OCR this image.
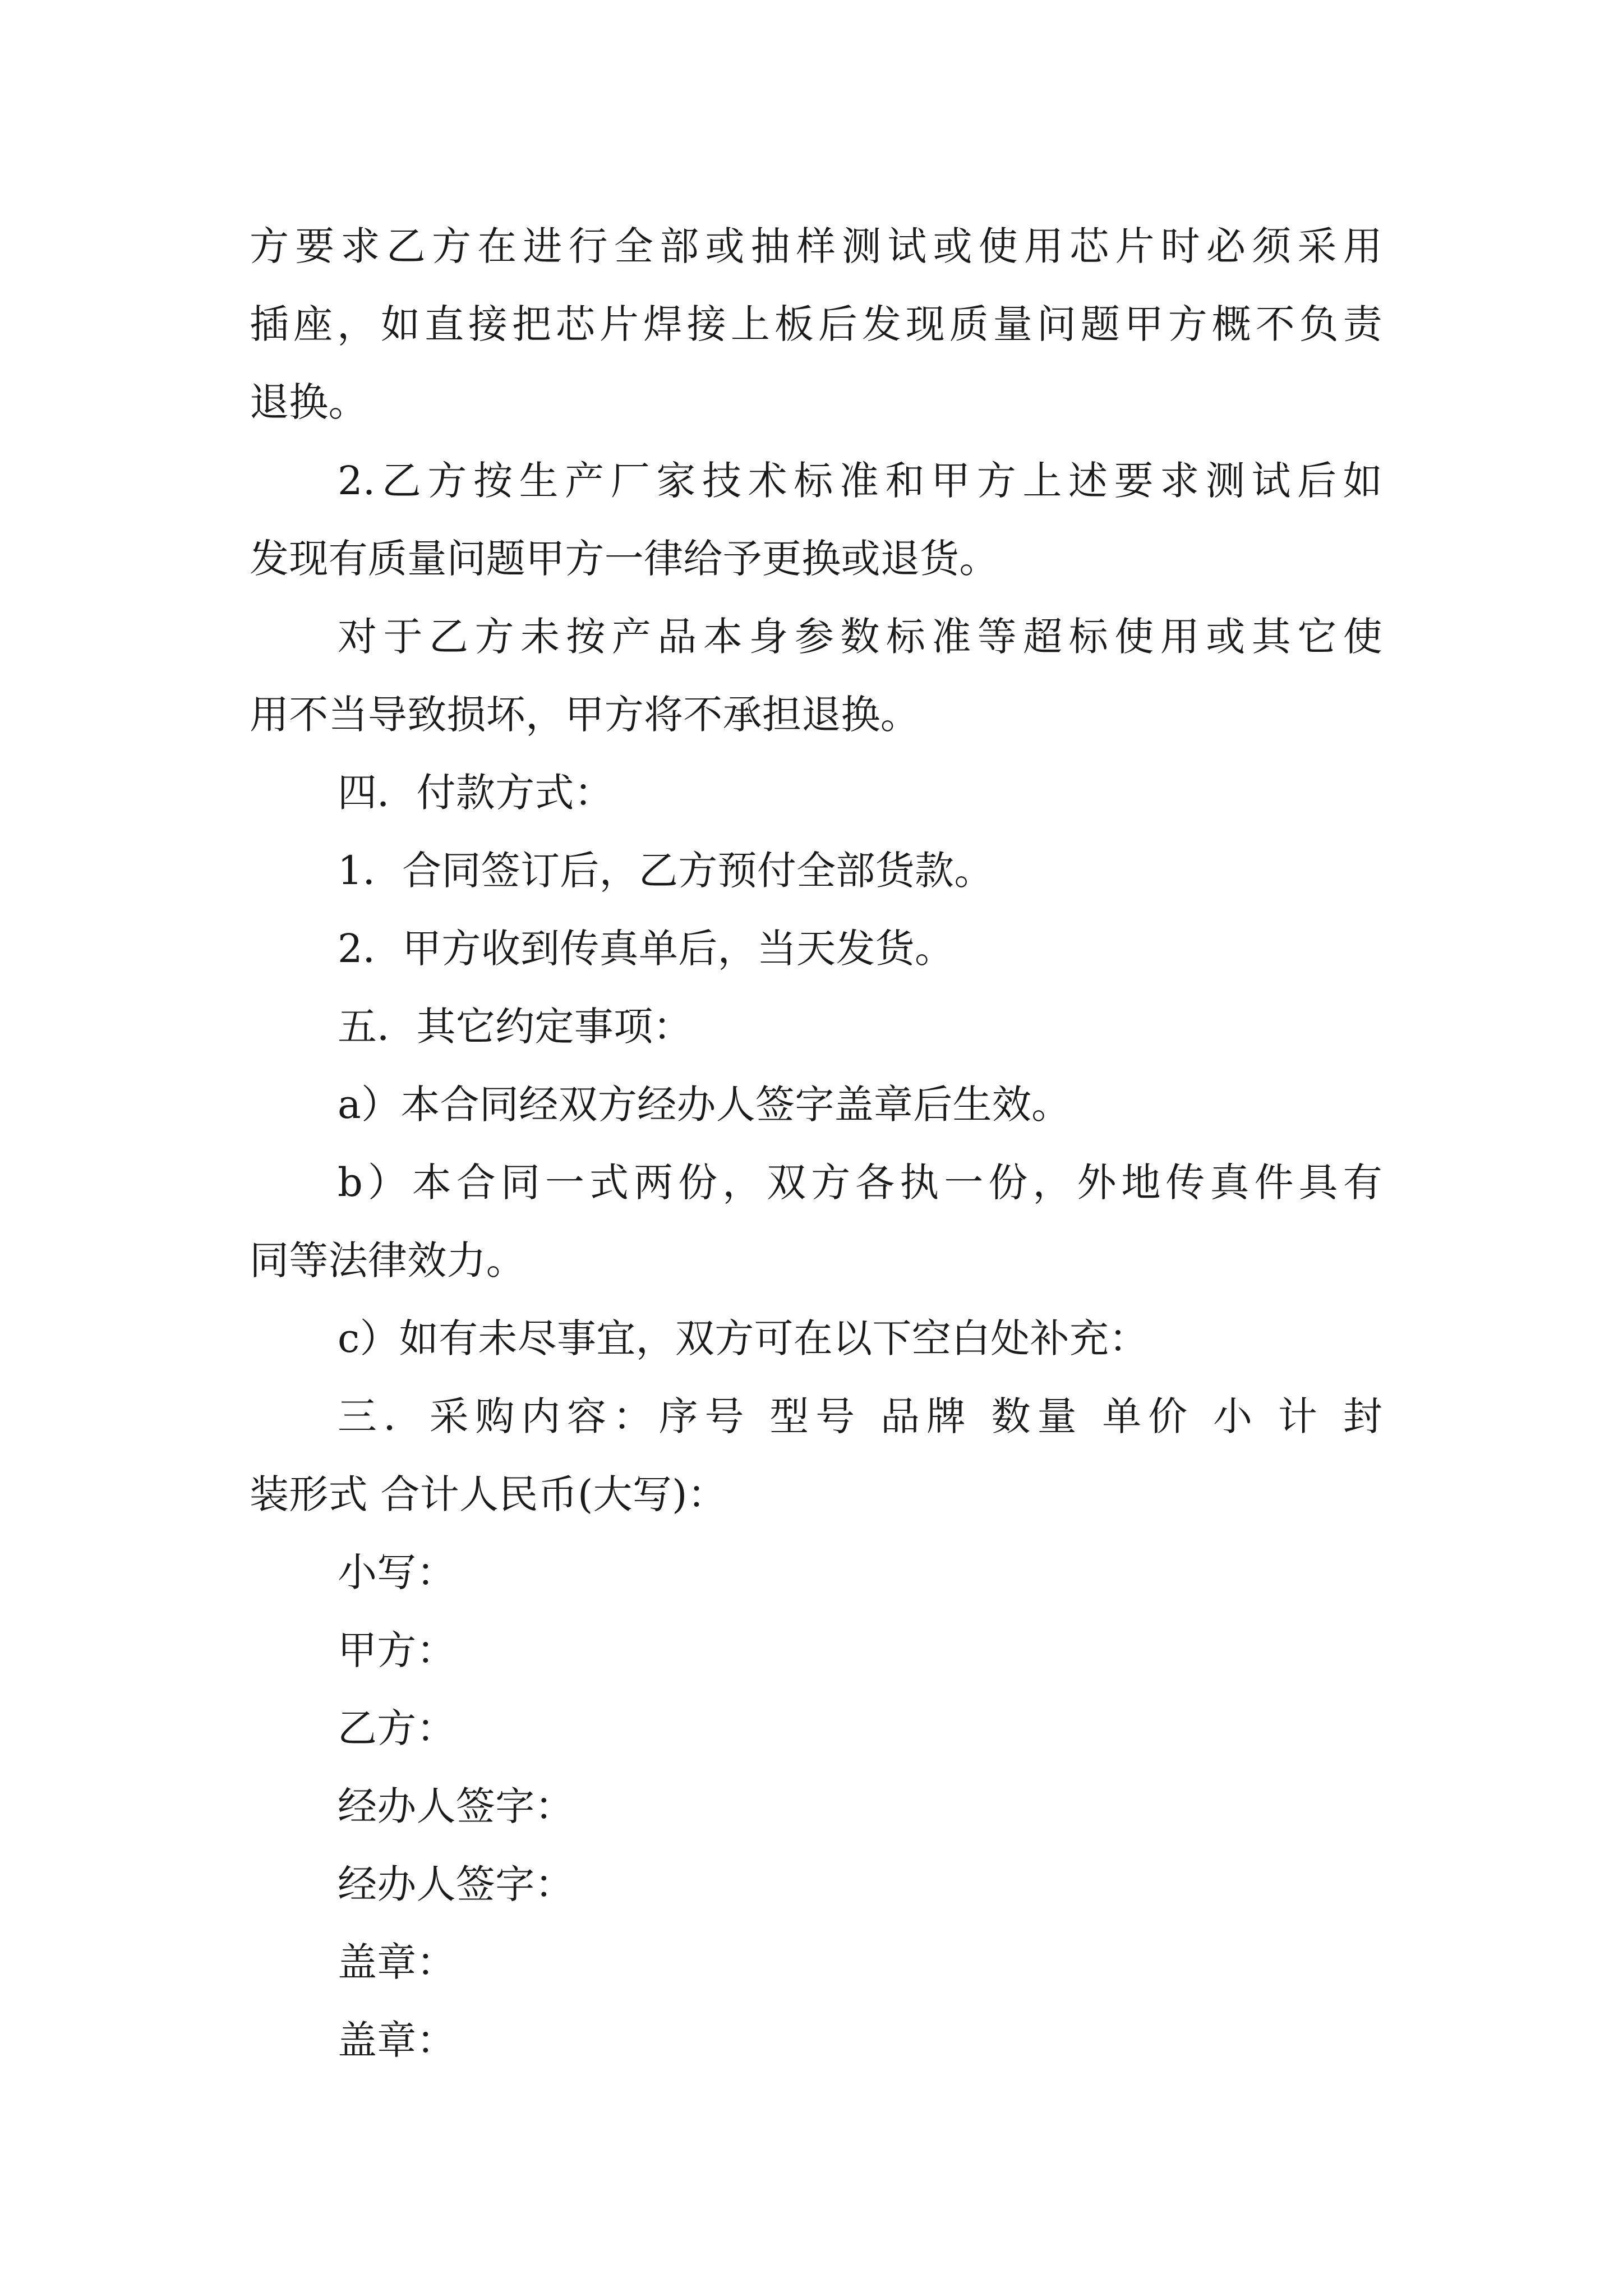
方要求乙方在进行全部或抽样测试或使用芯片时必须采用
插座，如直接把芯片焊接上板后发现质量问题甲方概不负责
退换。
2.乙方按生产厂家技术标准和甲方上述要求测试后如
发现有质量问题甲方一律给予更换或退货。
对于乙方未按产品本身参数标准等超标使用或其它使
用不当导致损坏，甲方将不承担退换。
四．付款方式：
1．合同签订后，乙方预付全部货款。
2．甲方收到传真单后，当天发货。
五．其它约定事项：
a）本合同经双方经办人签字盖章后生效。
b）本合同一式两份，双方各执一份，外地传真件具有
同等法律效力。
c）如有未尽事宜，双方可在以下空白处补充：
三．采购内容：序号 型号 品牌 数量 单价 小 计 封
装形式 合计人民币(大写)：
小写：
甲方：
乙方：
经办人签字：
经办人签字：
盖章：
盖章：
